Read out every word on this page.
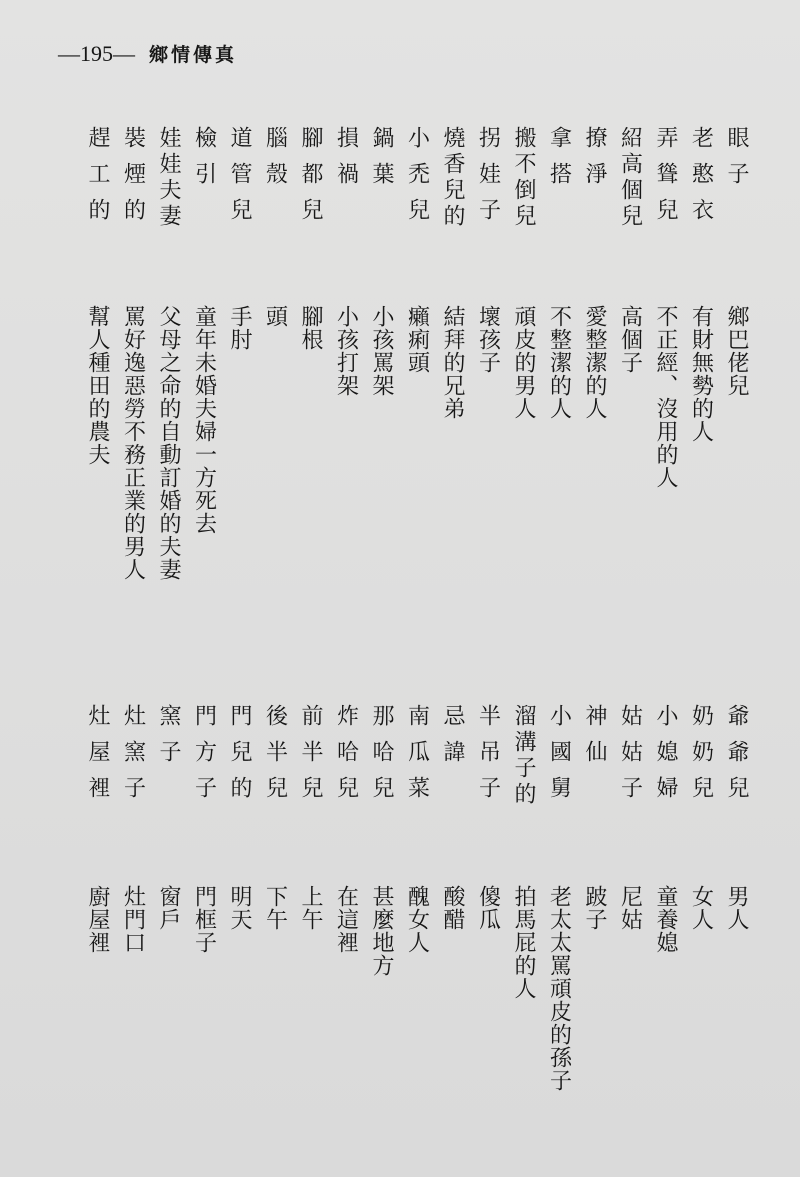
—195— 鄉情傳真
眼子
老憨衣
弄聳兒
紹高個兒
撩淨
拿搭
搬不倒兒
拐娃子
燒香兒的
小禿兒
鍋葉
損禍
腳都兒
腦殼
道管兒
檢引
娃娃夫妻
裝煙的
趕工的
鄉巴佬兒
有財無勢的人
不正經、沒用的人
高個子
愛整潔的人
不整潔的人
頑皮的男人
壞孩子
結拜的兄弟
癩痢頭
小孩罵架
小孩打架
腳根
頭
手肘
童年未婚夫婦一方死去
父母之命的自動訂婚的夫妻
罵好逸惡勞不務正業的男人
幫人種田的農夫
爺爺兒
奶奶兒
小媳婦
姑姑子
神仙
小國舅
溜溝子的
半吊子
忌諱
南瓜菜
那哈兒
炸哈兒
前半兒
後半兒
門兒的
門方子
窯子
灶窯子
灶屋裡
男人
女人
童養媳
尼姑
跛子
老太太罵頑皮的孫子
拍馬屁的人
傻瓜
酸醋
醜女人
甚麼地方
在這裡
上午
下午
明天
門框子
窗戶
灶門口
廚屋裡
